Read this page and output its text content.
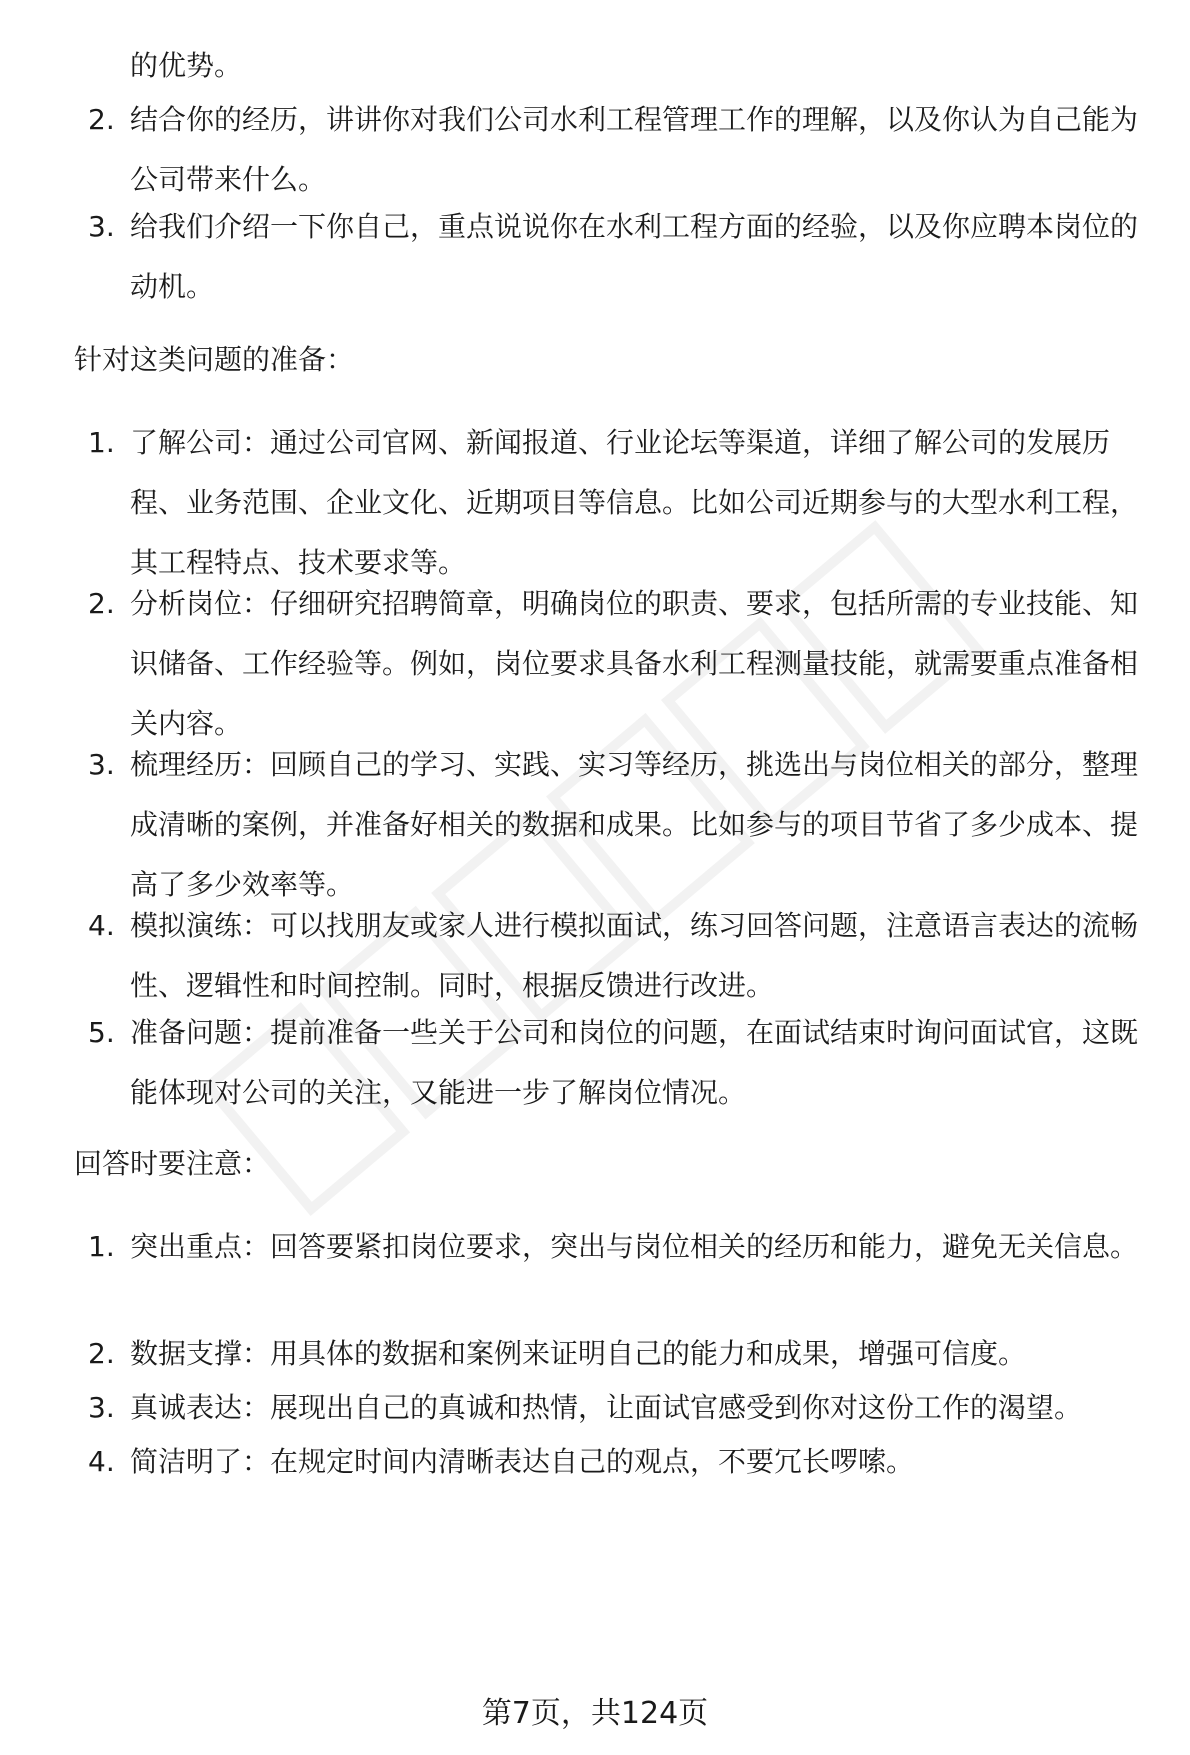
的优势。

2. 结合你的经历，讲讲你对我们公司水利工程管理工作的理解，以及你认为自己能为公司带来什么。
3. 给我们介绍一下你自己，重点说说你在水利工程方面的经验，以及你应聘本岗位的动机。

针对这类问题的准备：

1. 了解公司：通过公司官网、新闻报道、行业论坛等渠道，详细了解公司的发展历程、业务范围、企业文化、近期项目等信息。比如公司近期参与的大型水利工程，其工程特点、技术要求等。
2. 分析岗位：仔细研究招聘简章，明确岗位的职责、要求，包括所需的专业技能、知识储备、工作经验等。例如，岗位要求具备水利工程测量技能，就需要重点准备相关内容。
3. 梳理经历：回顾自己的学习、实践、实习等经历，挑选出与岗位相关的部分，整理成清晰的案例，并准备好相关的数据和成果。比如参与的项目节省了多少成本、提高了多少效率等。
4. 模拟演练：可以找朋友或家人进行模拟面试，练习回答问题，注意语言表达的流畅性、逻辑性和时间控制。同时，根据反馈进行改进。
5. 准备问题：提前准备一些关于公司和岗位的问题，在面试结束时询问面试官，这既能体现对公司的关注，又能进一步了解岗位情况。

回答时要注意：

1. 突出重点：回答要紧扣岗位要求，突出与岗位相关的经历和能力，避免无关信息。
2. 数据支撑：用具体的数据和案例来证明自己的能力和成果，增强可信度。
3. 真诚表达：展现出自己的真诚和热情，让面试官感受到你对这份工作的渴望。
4. 简洁明了：在规定时间内清晰表达自己的观点，不要冗长啰嗦。
第7页，共124页
